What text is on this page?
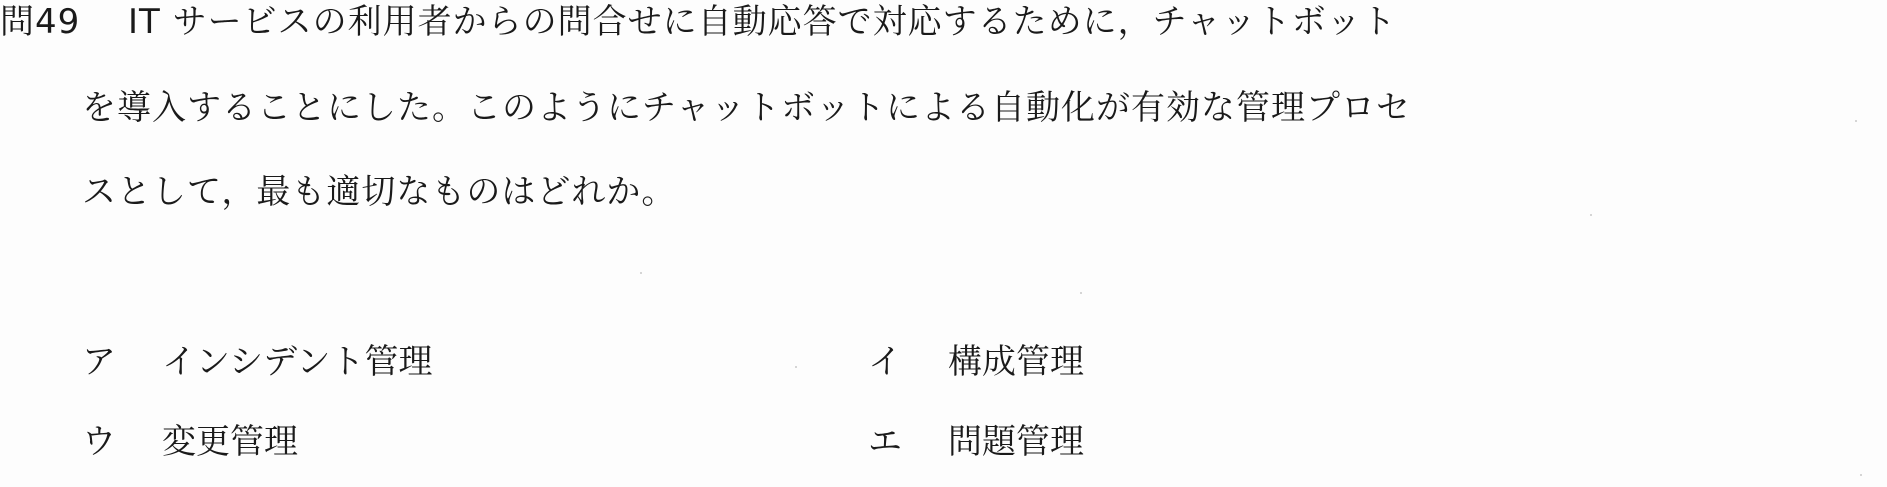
問49 IT サービスの利用者からの問合せに自動応答で対応するために，チャットボット
を導入することにした。このようにチャットボットによる自動化が有効な管理プロセ
スとして，最も適切なものはどれか。
ア	インシデント管理	イ	構成管理
ウ	変更管理	エ	問題管理
